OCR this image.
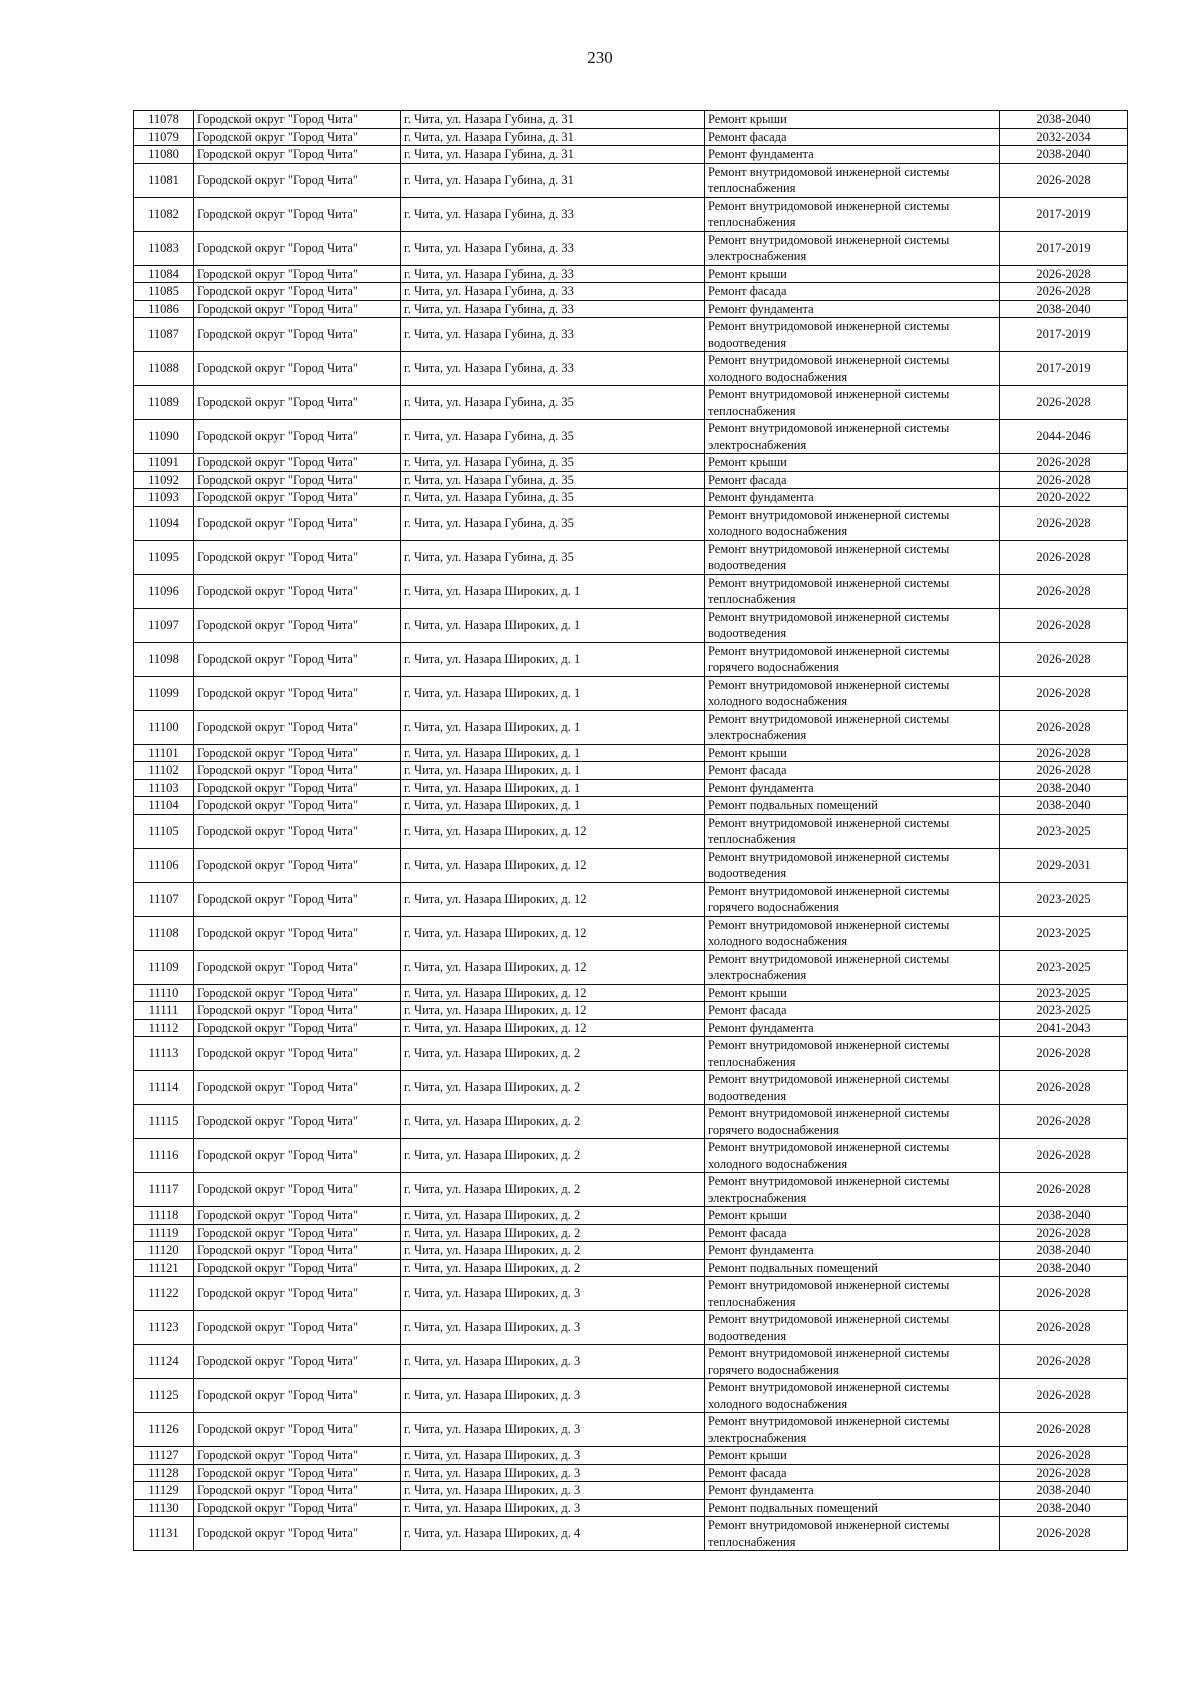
230
11078	Городской округ "Город Чита"	г. Чита, ул. Назара Губина, д. 31	Ремонт крыши	2038-2040
11079	Городской округ "Город Чита"	г. Чита, ул. Назара Губина, д. 31	Ремонт фасада	2032-2034
11080	Городской округ "Город Чита"	г. Чита, ул. Назара Губина, д. 31	Ремонт фундамента	2038-2040
11081	Городской округ "Город Чита"	г. Чита, ул. Назара Губина, д. 31	Ремонт внутридомовой инженерной системы теплоснабжения	2026-2028
11082	Городской округ "Город Чита"	г. Чита, ул. Назара Губина, д. 33	Ремонт внутридомовой инженерной системы теплоснабжения	2017-2019
11083	Городской округ "Город Чита"	г. Чита, ул. Назара Губина, д. 33	Ремонт внутридомовой инженерной системы электроснабжения	2017-2019
11084	Городской округ "Город Чита"	г. Чита, ул. Назара Губина, д. 33	Ремонт крыши	2026-2028
11085	Городской округ "Город Чита"	г. Чита, ул. Назара Губина, д. 33	Ремонт фасада	2026-2028
11086	Городской округ "Город Чита"	г. Чита, ул. Назара Губина, д. 33	Ремонт фундамента	2038-2040
11087	Городской округ "Город Чита"	г. Чита, ул. Назара Губина, д. 33	Ремонт внутридомовой инженерной системы водоотведения	2017-2019
11088	Городской округ "Город Чита"	г. Чита, ул. Назара Губина, д. 33	Ремонт внутридомовой инженерной системы холодного водоснабжения	2017-2019
11089	Городской округ "Город Чита"	г. Чита, ул. Назара Губина, д. 35	Ремонт внутридомовой инженерной системы теплоснабжения	2026-2028
11090	Городской округ "Город Чита"	г. Чита, ул. Назара Губина, д. 35	Ремонт внутридомовой инженерной системы электроснабжения	2044-2046
11091	Городской округ "Город Чита"	г. Чита, ул. Назара Губина, д. 35	Ремонт крыши	2026-2028
11092	Городской округ "Город Чита"	г. Чита, ул. Назара Губина, д. 35	Ремонт фасада	2026-2028
11093	Городской округ "Город Чита"	г. Чита, ул. Назара Губина, д. 35	Ремонт фундамента	2020-2022
11094	Городской округ "Город Чита"	г. Чита, ул. Назара Губина, д. 35	Ремонт внутридомовой инженерной системы холодного водоснабжения	2026-2028
11095	Городской округ "Город Чита"	г. Чита, ул. Назара Губина, д. 35	Ремонт внутридомовой инженерной системы водоотведения	2026-2028
11096	Городской округ "Город Чита"	г. Чита, ул. Назара Широких, д. 1	Ремонт внутридомовой инженерной системы теплоснабжения	2026-2028
11097	Городской округ "Город Чита"	г. Чита, ул. Назара Широких, д. 1	Ремонт внутридомовой инженерной системы водоотведения	2026-2028
11098	Городской округ "Город Чита"	г. Чита, ул. Назара Широких, д. 1	Ремонт внутридомовой инженерной системы горячего водоснабжения	2026-2028
11099	Городской округ "Город Чита"	г. Чита, ул. Назара Широких, д. 1	Ремонт внутридомовой инженерной системы холодного водоснабжения	2026-2028
11100	Городской округ "Город Чита"	г. Чита, ул. Назара Широких, д. 1	Ремонт внутридомовой инженерной системы электроснабжения	2026-2028
11101	Городской округ "Город Чита"	г. Чита, ул. Назара Широких, д. 1	Ремонт крыши	2026-2028
11102	Городской округ "Город Чита"	г. Чита, ул. Назара Широких, д. 1	Ремонт фасада	2026-2028
11103	Городской округ "Город Чита"	г. Чита, ул. Назара Широких, д. 1	Ремонт фундамента	2038-2040
11104	Городской округ "Город Чита"	г. Чита, ул. Назара Широких, д. 1	Ремонт подвальных помещений	2038-2040
11105	Городской округ "Город Чита"	г. Чита, ул. Назара Широких, д. 12	Ремонт внутридомовой инженерной системы теплоснабжения	2023-2025
11106	Городской округ "Город Чита"	г. Чита, ул. Назара Широких, д. 12	Ремонт внутридомовой инженерной системы водоотведения	2029-2031
11107	Городской округ "Город Чита"	г. Чита, ул. Назара Широких, д. 12	Ремонт внутридомовой инженерной системы горячего водоснабжения	2023-2025
11108	Городской округ "Город Чита"	г. Чита, ул. Назара Широких, д. 12	Ремонт внутридомовой инженерной системы холодного водоснабжения	2023-2025
11109	Городской округ "Город Чита"	г. Чита, ул. Назара Широких, д. 12	Ремонт внутридомовой инженерной системы электроснабжения	2023-2025
11110	Городской округ "Город Чита"	г. Чита, ул. Назара Широких, д. 12	Ремонт крыши	2023-2025
11111	Городской округ "Город Чита"	г. Чита, ул. Назара Широких, д. 12	Ремонт фасада	2023-2025
11112	Городской округ "Город Чита"	г. Чита, ул. Назара Широких, д. 12	Ремонт фундамента	2041-2043
11113	Городской округ "Город Чита"	г. Чита, ул. Назара Широких, д. 2	Ремонт внутридомовой инженерной системы теплоснабжения	2026-2028
11114	Городской округ "Город Чита"	г. Чита, ул. Назара Широких, д. 2	Ремонт внутридомовой инженерной системы водоотведения	2026-2028
11115	Городской округ "Город Чита"	г. Чита, ул. Назара Широких, д. 2	Ремонт внутридомовой инженерной системы горячего водоснабжения	2026-2028
11116	Городской округ "Город Чита"	г. Чита, ул. Назара Широких, д. 2	Ремонт внутридомовой инженерной системы холодного водоснабжения	2026-2028
11117	Городской округ "Город Чита"	г. Чита, ул. Назара Широких, д. 2	Ремонт внутридомовой инженерной системы электроснабжения	2026-2028
11118	Городской округ "Город Чита"	г. Чита, ул. Назара Широких, д. 2	Ремонт крыши	2038-2040
11119	Городской округ "Город Чита"	г. Чита, ул. Назара Широких, д. 2	Ремонт фасада	2026-2028
11120	Городской округ "Город Чита"	г. Чита, ул. Назара Широких, д. 2	Ремонт фундамента	2038-2040
11121	Городской округ "Город Чита"	г. Чита, ул. Назара Широких, д. 2	Ремонт подвальных помещений	2038-2040
11122	Городской округ "Город Чита"	г. Чита, ул. Назара Широких, д. 3	Ремонт внутридомовой инженерной системы теплоснабжения	2026-2028
11123	Городской округ "Город Чита"	г. Чита, ул. Назара Широких, д. 3	Ремонт внутридомовой инженерной системы водоотведения	2026-2028
11124	Городской округ "Город Чита"	г. Чита, ул. Назара Широких, д. 3	Ремонт внутридомовой инженерной системы горячего водоснабжения	2026-2028
11125	Городской округ "Город Чита"	г. Чита, ул. Назара Широких, д. 3	Ремонт внутридомовой инженерной системы холодного водоснабжения	2026-2028
11126	Городской округ "Город Чита"	г. Чита, ул. Назара Широких, д. 3	Ремонт внутридомовой инженерной системы электроснабжения	2026-2028
11127	Городской округ "Город Чита"	г. Чита, ул. Назара Широких, д. 3	Ремонт крыши	2026-2028
11128	Городской округ "Город Чита"	г. Чита, ул. Назара Широких, д. 3	Ремонт фасада	2026-2028
11129	Городской округ "Город Чита"	г. Чита, ул. Назара Широких, д. 3	Ремонт фундамента	2038-2040
11130	Городской округ "Город Чита"	г. Чита, ул. Назара Широких, д. 3	Ремонт подвальных помещений	2038-2040
11131	Городской округ "Город Чита"	г. Чита, ул. Назара Широких, д. 4	Ремонт внутридомовой инженерной системы теплоснабжения	2026-2028
